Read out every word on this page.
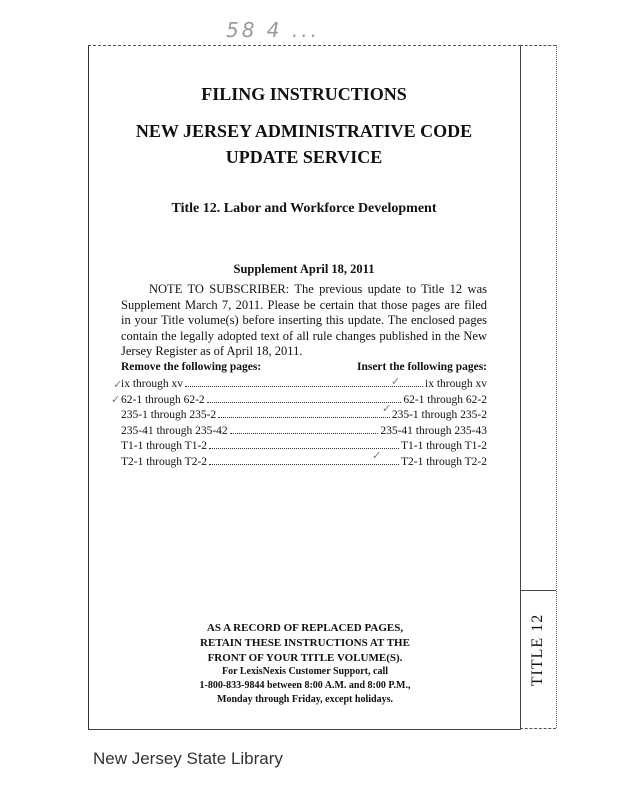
58 4 ...
TITLE 12
FILING INSTRUCTIONS
NEW JERSEY ADMINISTRATIVE CODE
UPDATE SERVICE
Title 12. Labor and Workforce Development
Supplement April 18, 2011
NOTE TO SUBSCRIBER: The previous update to Title 12 was Supplement March 7, 2011. Please be certain that those pages are filed in your Title volume(s) before inserting this update. The enclosed pages contain the legally adopted text of all rule changes published in the New Jersey Register as of April 18, 2011.
Remove the following pages:	Insert the following pages:
ix through xv	ix through xv
62-1 through 62-2	62-1 through 62-2
235-1 through 235-2	235-1 through 235-2
235-41 through 235-42	235-41 through 235-43
T1-1 through T1-2	T1-1 through T1-2
T2-1 through T2-2	T2-1 through T2-2
✓
✓
✓
✓
✓
AS A RECORD OF REPLACED PAGES,
RETAIN THESE INSTRUCTIONS AT THE
FRONT OF YOUR TITLE VOLUME(S).
For LexisNexis Customer Support, call
1-800-833-9844 between 8:00 A.M. and 8:00 P.M.,
Monday through Friday, except holidays.
New Jersey State Library
